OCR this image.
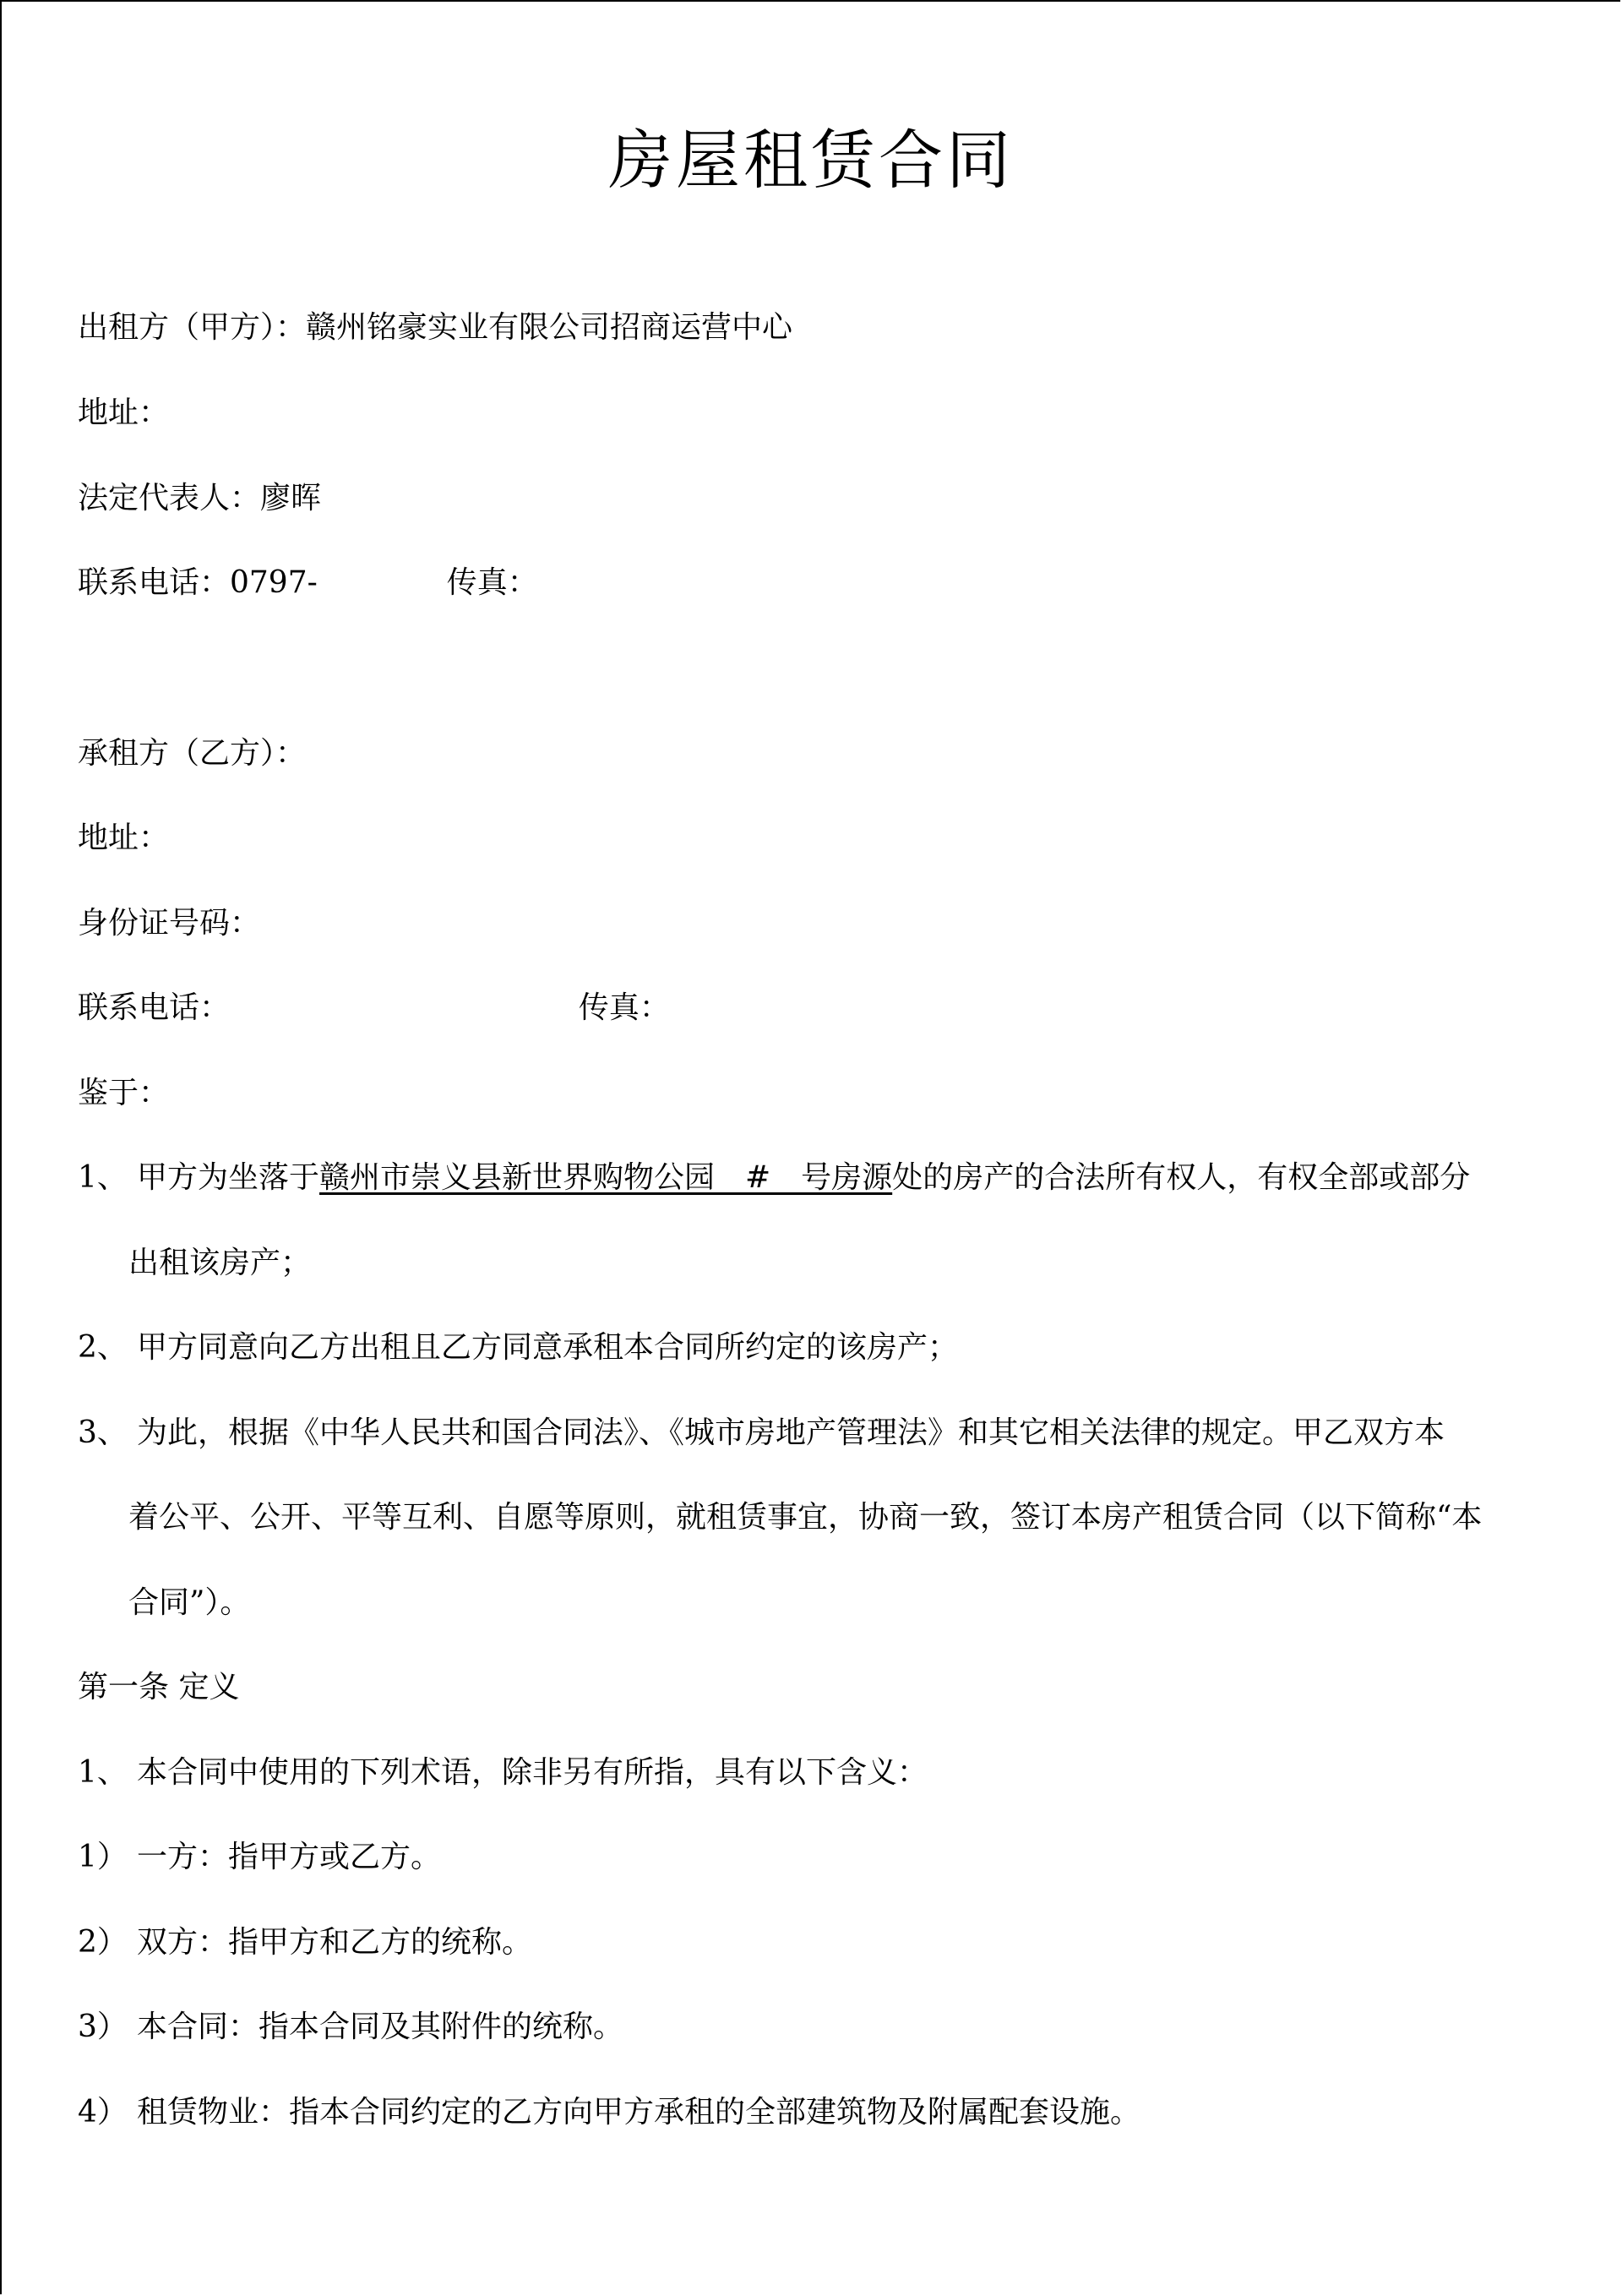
房屋租赁合同
出租方（甲方）：赣州铭豪实业有限公司招商运营中心
地址：
法定代表人：廖晖
联系电话：0797-	传真：
承租方（乙方）：
地址：
身份证号码：
联系电话：	传真：
鉴于：
1、 甲方为坐落于赣州市崇义县新世界购物公园　#　号房源处的房产的合法所有权人，有权全部或部分
出租该房产；
2、 甲方同意向乙方出租且乙方同意承租本合同所约定的该房产；
3、 为此，根据《中华人民共和国合同法》、《城市房地产管理法》和其它相关法律的规定。甲乙双方本
着公平、公开、平等互利、自愿等原则，就租赁事宜，协商一致，签订本房产租赁合同（以下简称“本
合同”）。
第一条 定义
1、 本合同中使用的下列术语，除非另有所指，具有以下含义：
1） 一方：指甲方或乙方。
2） 双方：指甲方和乙方的统称。
3） 本合同：指本合同及其附件的统称。
4） 租赁物业：指本合同约定的乙方向甲方承租的全部建筑物及附属配套设施。
